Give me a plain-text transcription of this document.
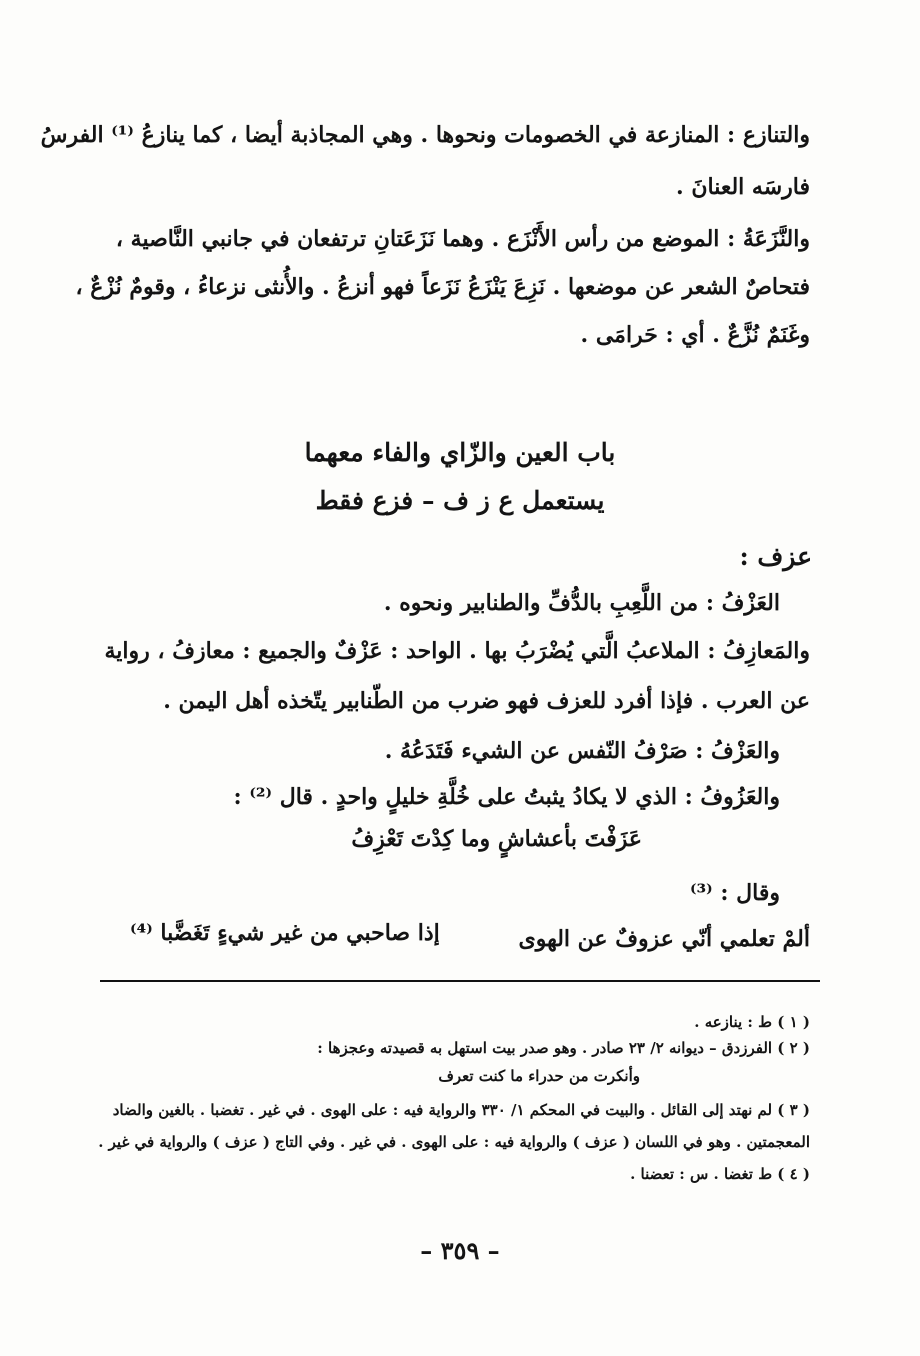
والتنازع : المنازعة في الخصومات ونحوها . وهي المجاذبة أيضا ، كما ينازعُ ⁽¹⁾ الفرسُ
فارسَه العنانَ .
والنَّزَعَةُ : الموضع من رأس الأَنْزَع . وهما نَزَعَتانِ ترتفعان في جانبي النَّاصية ،
فتحاصٌ الشعر عن موضعها . نَزِعَ يَنْزَعُ نَزَعاً فهو أنزعُ . والأُنثى نزعاءُ ، وقومٌ نُزْعٌ ،
وغَنَمٌ نُزَّعٌ . أي : حَرامَى .
باب العين والزّاي والفاء معهما
يستعمل ع ز ف – فزع فقط
عزف :
العَزْفُ : من اللَّعِبِ بالدُّفِّ والطنابير ونحوه .
والمَعازِفُ : الملاعبُ الَّتي يُضْرَبُ بها . الواحد : عَزْفٌ والجميع : معازفُ ، رواية
عن العرب . فإذا أفرد للعزف فهو ضرب من الطّنابير يتّخذه أهل اليمن .
والعَزْفُ : صَرْفُ النّفس عن الشيء فَتَدَعُهُ .
والعَزُوفُ : الذي لا يكادُ يثبتُ على خُلَّةِ خليلٍ واحدٍ . قال ⁽²⁾ :
عَزَفْتَ بأعشاشٍ وما كِدْتَ تَعْزِفُ
وقال : ⁽³⁾
ألمْ تعلمي أنّي عزوفٌ عن الهوى
إذا صاحبي من غير شيءٍ تَغَضَّبا ⁽⁴⁾
( ١ ) ط : ينازعه .
( ٢ ) الفرزدق – ديوانه ٢/ ٢٣ صادر . وهو صدر بيت استهل به قصيدته وعجزها :
وأنكرت من حدراء ما كنت تعرف
( ٣ ) لم نهتد إلى القائل . والبيت في المحكم ١/ ٣٣٠ والرواية فيه : على الهوى . في غير . تغضبا . بالغين والضاد
المعجمتين . وهو في اللسان ( عزف ) والرواية فيه : على الهوى . في غير . وفي التاج ( عزف ) والرواية في غير .
( ٤ ) ط تغضا . س : تعضنا .
– ٣٥٩ –
